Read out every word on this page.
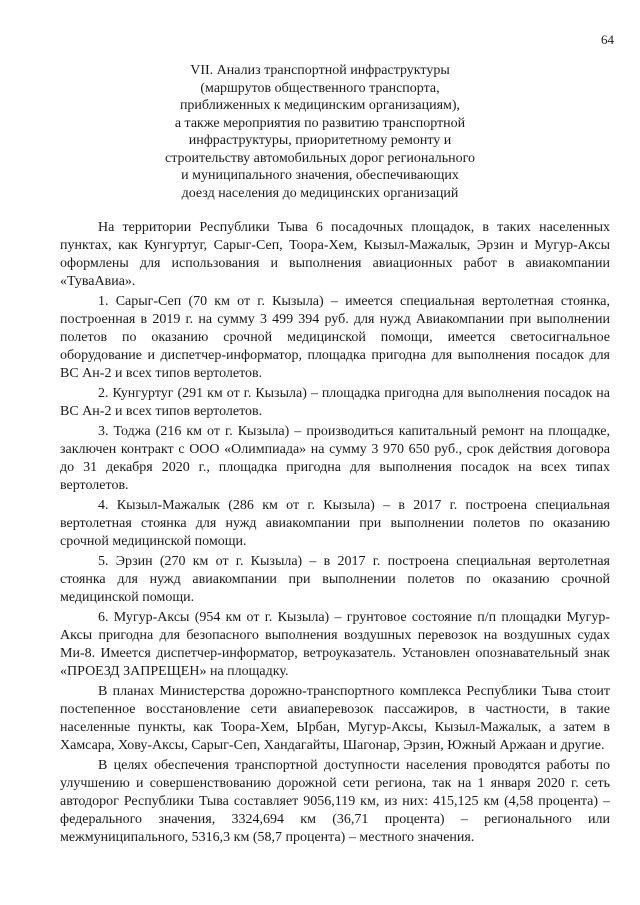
64
VII. Анализ транспортной инфраструктуры
(маршрутов общественного транспорта,
приближенных к медицинским организациям),
а также мероприятия по развитию транспортной
инфраструктуры, приоритетному ремонту и
строительству автомобильных дорог регионального
и муниципального значения, обеспечивающих
доезд населения до медицинских организаций

На территории Республики Тыва 6 посадочных площадок, в таких населенных пунктах, как Кунгуртуг, Сарыг-Сеп, Тоора-Хем, Кызыл-Мажалык, Эрзин и Мугур-Аксы оформлены для использования и выполнения авиационных работ в авиакомпании «ТуваАвиа».

1. Сарыг-Сеп (70 км от г. Кызыла) – имеется специальная вертолетная стоянка, построенная в 2019 г. на сумму 3 499 394 руб. для нужд Авиакомпании при выполнении полетов по оказанию срочной медицинской помощи, имеется светосигнальное оборудование и диспетчер-информатор, площадка пригодна для выполнения посадок для ВС Ан-2 и всех типов вертолетов.

2. Кунгуртуг (291 км от г. Кызыла) – площадка пригодна для выполнения посадок на ВС Ан-2 и всех типов вертолетов.

3. Тоджа (216 км от г. Кызыла) – производиться капитальный ремонт на площадке, заключен контракт с ООО «Олимпиада» на сумму 3 970 650 руб., срок действия договора до 31 декабря 2020 г., площадка пригодна для выполнения посадок на всех типах вертолетов.

4. Кызыл-Мажалык (286 км от г. Кызыла) – в 2017 г. построена специальная вертолетная стоянка для нужд авиакомпании при выполнении полетов по оказанию срочной медицинской помощи.

5. Эрзин (270 км от г. Кызыла) – в 2017 г. построена специальная вертолетная стоянка для нужд авиакомпании при выполнении полетов по оказанию срочной медицинской помощи.

6. Мугур-Аксы (954 км от г. Кызыла) – грунтовое состояние п/п площадки Мугур-Аксы пригодна для безопасного выполнения воздушных перевозок на воздушных судах Ми-8. Имеется диспетчер-информатор, ветроуказатель. Установлен опознавательный знак «ПРОЕЗД ЗАПРЕЩЕН» на площадку.

В планах Министерства дорожно-транспортного комплекса Республики Тыва стоит постепенное восстановление сети авиаперевозок пассажиров, в частности, в такие населенные пункты, как Тоора-Хем, Ырбан, Мугур-Аксы, Кызыл-Мажалык, а затем в Хамсара, Хову-Аксы, Сарыг-Сеп, Хандагайты, Шагонар, Эрзин, Южный Аржаан и другие.

В целях обеспечения транспортной доступности населения проводятся работы по улучшению и совершенствованию дорожной сети региона, так на 1 января 2020 г. сеть автодорог Республики Тыва составляет 9056,119 км, из них: 415,125 км (4,58 процента) – федерального значения, 3324,694 км (36,71 процента) – регионального или межмуниципального, 5316,3 км (58,7 процента) – местного значения.
